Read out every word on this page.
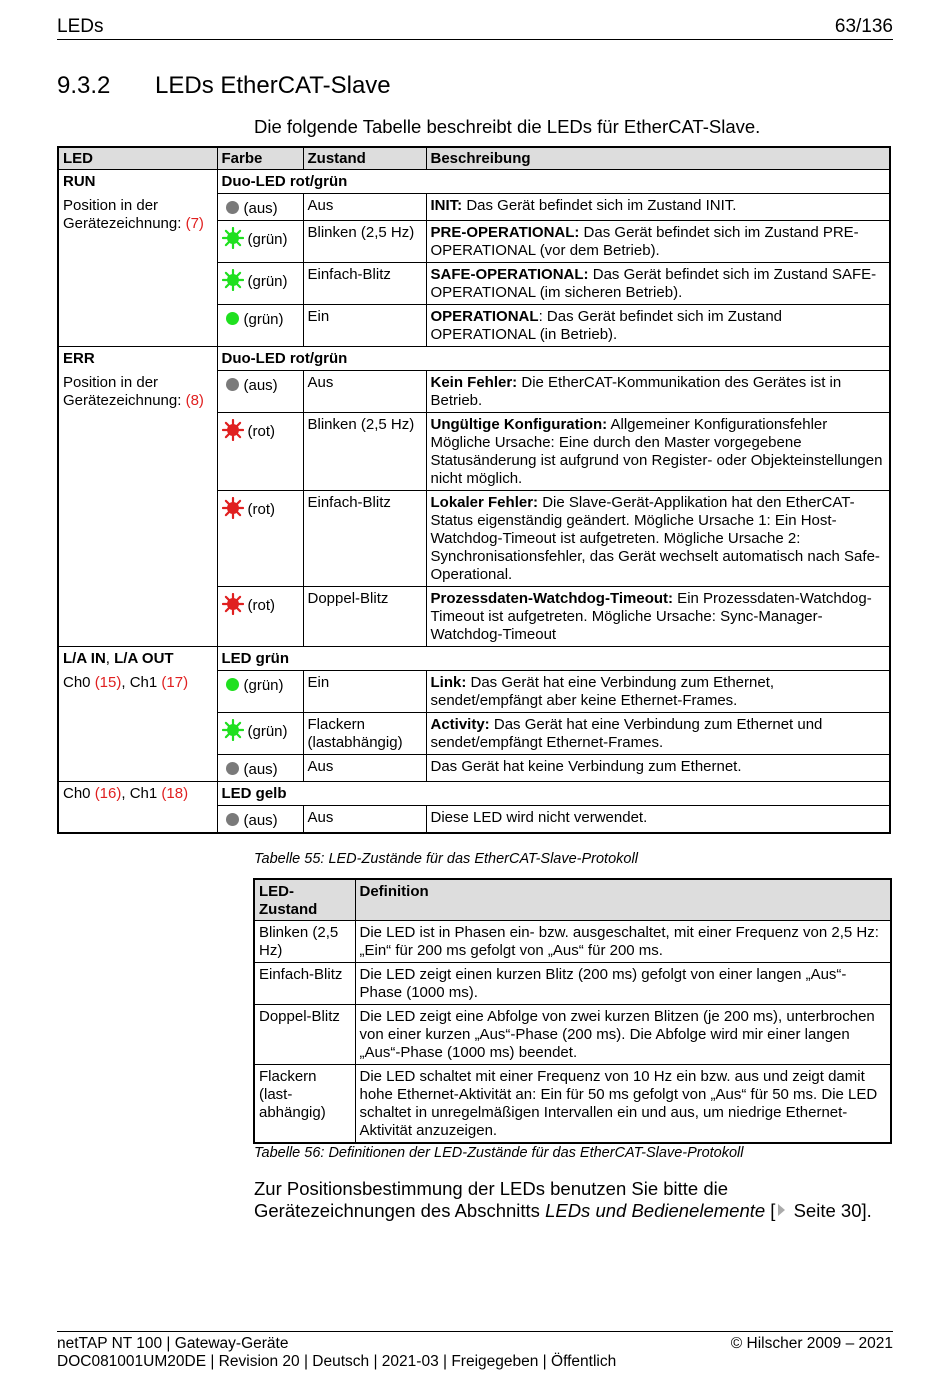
LEDs	63/136
9.3.2 LEDs EtherCAT-Slave
Die folgende Tabelle beschreibt die LEDs für EtherCAT-Slave.
LED	Farbe	Zustand	Beschreibung
RUN	Duo-LED rot/grün		
Position in der Gerätezeichnung: (7)	(aus)	Aus	INIT: Das Gerät befindet sich im Zustand INIT.
	(grün)	Blinken (2,5 Hz)	PRE-OPERATIONAL: Das Gerät befindet sich im Zustand PRE-OPERATIONAL (vor dem Betrieb).
	(grün)	Einfach-Blitz	SAFE-OPERATIONAL: Das Gerät befindet sich im Zustand SAFE-OPERATIONAL (im sicheren Betrieb).
	(grün)	Ein	OPERATIONAL: Das Gerät befindet sich im Zustand OPERATIONAL (in Betrieb).
ERR	Duo-LED rot/grün		
Position in der Gerätezeichnung: (8)	(aus)	Aus	Kein Fehler: Die EtherCAT-Kommunikation des Gerätes ist in Betrieb.
	(rot)	Blinken (2,5 Hz)	Ungültige Konfiguration: Allgemeiner Konfigurationsfehler Mögliche Ursache: Eine durch den Master vorgegebene Statusänderung ist aufgrund von Register- oder Objekteinstellungen nicht möglich.
	(rot)	Einfach-Blitz	Lokaler Fehler: Die Slave-Gerät-Applikation hat den EtherCAT-Status eigenständig geändert. Mögliche Ursache 1: Ein Host-Watchdog-Timeout ist aufgetreten. Mögliche Ursache 2: Synchronisationsfehler, das Gerät wechselt automatisch nach Safe-Operational.
	(rot)	Doppel-Blitz	Prozessdaten-Watchdog-Timeout: Ein Prozessdaten-Watchdog-Timeout ist aufgetreten. Mögliche Ursache: Sync-Manager-Watchdog-Timeout
L/A IN, L/A OUT	LED grün		
Ch0 (15), Ch1 (17)	(grün)	Ein	Link: Das Gerät hat eine Verbindung zum Ethernet, sendet/empfängt aber keine Ethernet-Frames.
	(grün)	Flackern (lastabhängig)	Activity: Das Gerät hat eine Verbindung zum Ethernet und sendet/empfängt Ethernet-Frames.
	(aus)	Aus	Das Gerät hat keine Verbindung zum Ethernet.
Ch0 (16), Ch1 (18)	LED gelb		
	(aus)	Aus	Diese LED wird nicht verwendet.
Tabelle 55: LED-Zustände für das EtherCAT-Slave-Protokoll
LED-
Zustand	Definition
Blinken (2,5 Hz)	Die LED ist in Phasen ein- bzw. ausgeschaltet, mit einer Frequenz von 2,5 Hz: „Ein“ für 200 ms gefolgt von „Aus“ für 200 ms.
Einfach-Blitz	Die LED zeigt einen kurzen Blitz (200 ms) gefolgt von einer langen „Aus“-Phase (1000 ms).
Doppel-Blitz	Die LED zeigt eine Abfolge von zwei kurzen Blitzen (je 200 ms), unterbrochen von einer kurzen „Aus“-Phase (200 ms). Die Abfolge wird mir einer langen „Aus“-Phase (1000 ms) beendet.
Flackern (last-abhängig)	Die LED schaltet mit einer Frequenz von 10 Hz ein bzw. aus und zeigt damit hohe Ethernet-Aktivität an: Ein für 50 ms gefolgt von „Aus“ für 50 ms. Die LED schaltet in unregelmäßigen Intervallen ein und aus, um niedrige Ethernet-Aktivität anzuzeigen.
Tabelle 56: Definitionen der LED-Zustände für das EtherCAT-Slave-Protokoll
Zur Positionsbestimmung der LEDs benutzen Sie bitte die
Gerätezeichnungen des Abschnitts LEDs und Bedienelemente [ Seite 30].
netTAP NT 100 | Gateway-Geräte	© Hilscher 2009 – 2021
DOC081001UM20DE | Revision 20 | Deutsch | 2021-03 | Freigegeben | Öffentlich
